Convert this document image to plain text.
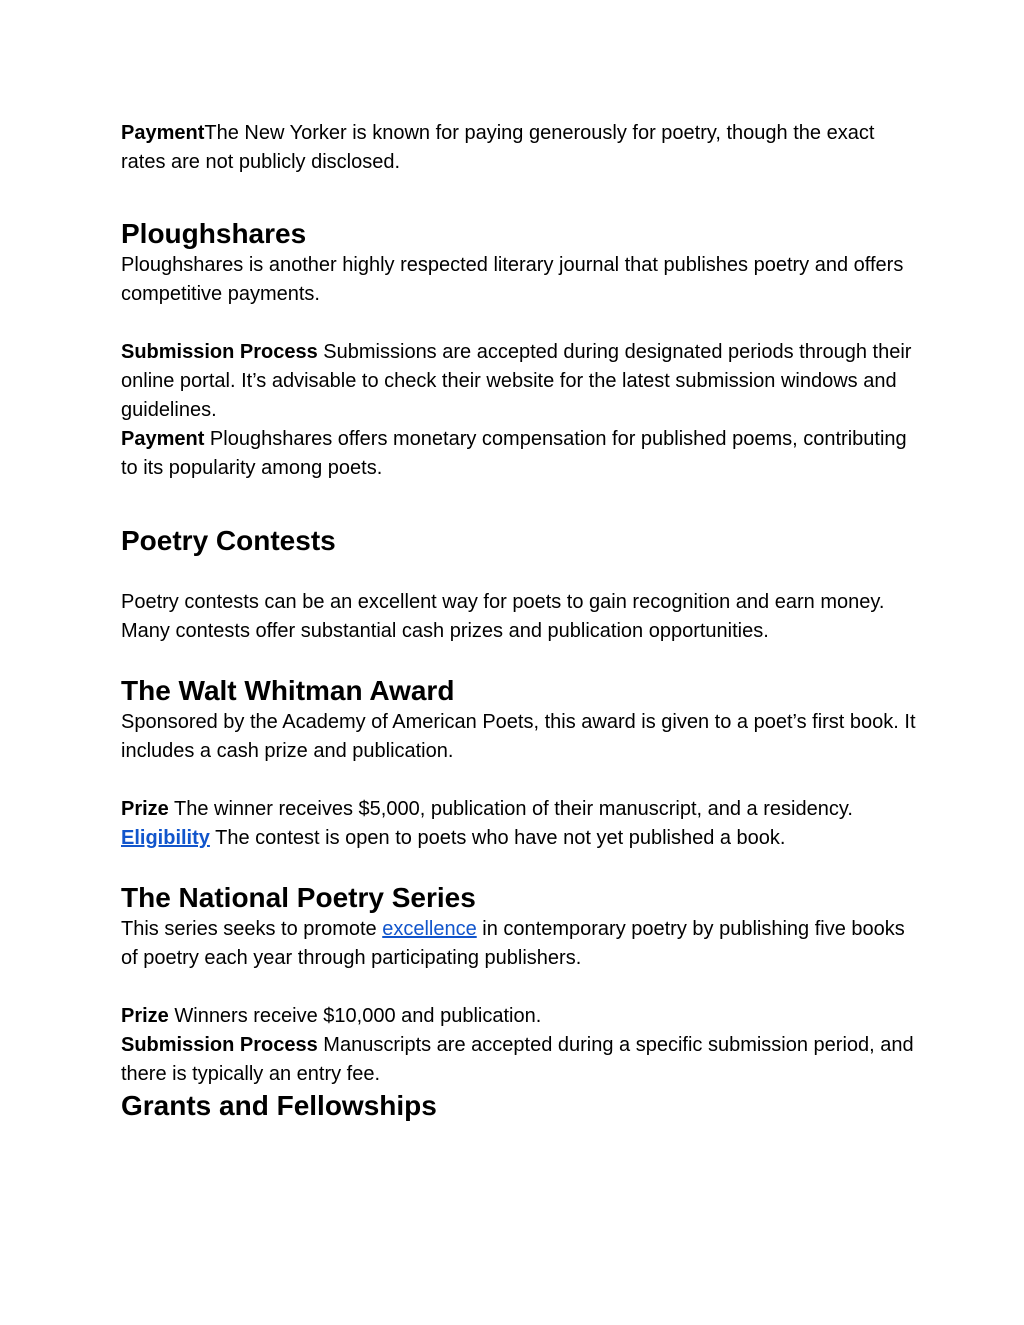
PaymentThe New Yorker is known for paying generously for poetry, though the exact rates are not publicly disclosed.

Ploughshares

Ploughshares is another highly respected literary journal that publishes poetry and offers competitive payments.

Submission Process Submissions are accepted during designated periods through their online portal. It’s advisable to check their website for the latest submission windows and guidelines.

Payment Ploughshares offers monetary compensation for published poems, contributing to its popularity among poets.

Poetry Contests

Poetry contests can be an excellent way for poets to gain recognition and earn money. Many contests offer substantial cash prizes and publication opportunities.

The Walt Whitman Award

Sponsored by the Academy of American Poets, this award is given to a poet’s first book. It includes a cash prize and publication.

Prize The winner receives $5,000, publication of their manuscript, and a residency.

Eligibility The contest is open to poets who have not yet published a book.

The National Poetry Series

This series seeks to promote excellence in contemporary poetry by publishing five books of poetry each year through participating publishers.

Prize Winners receive $10,000 and publication.

Submission Process Manuscripts are accepted during a specific submission period, and there is typically an entry fee.

Grants and Fellowships
